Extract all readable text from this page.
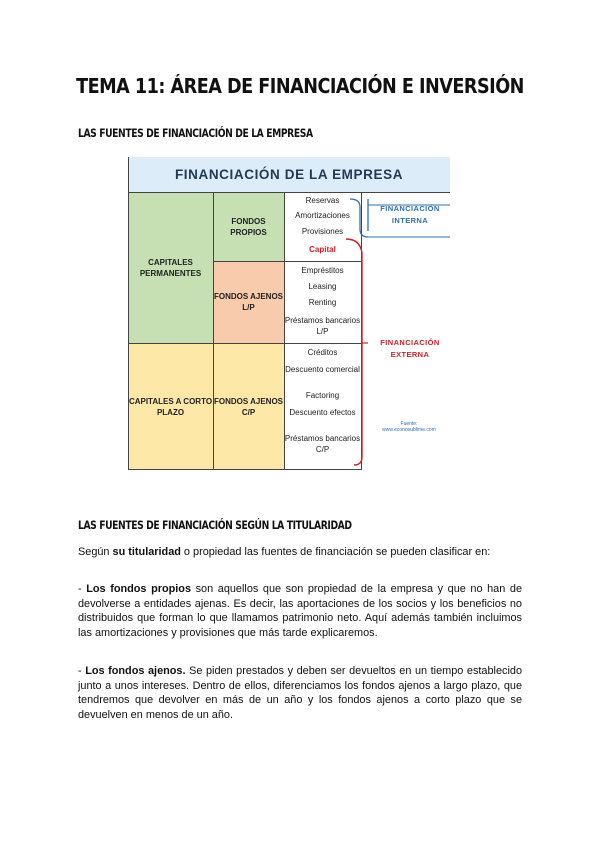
TEMA 11: ÁREA DE FINANCIACIÓN E INVERSIÓN
LAS FUENTES DE FINANCIACIÓN DE LA EMPRESA
FINANCIACIÓN DE LA EMPRESA
CAPITALES PERMANENTES
CAPITALES A CORTO PLAZO
FONDOS PROPIOS
FONDOS AJENOS L/P
FONDOS AJENOS C/P
Reservas
Amortizaciones
Provisiones
Capital
Empréstitos
Leasing
Renting
Préstamos bancarios L/P
Créditos
Descuento comercial
Factoring
Descuento efectos
Préstamos bancarios C/P
FINANCIACIÓN INTERNA
FINANCIACIÓN EXTERNA
Fuente:
www.econosublime.com
LAS FUENTES DE FINANCIACIÓN SEGÚN LA TITULARIDAD
Según su titularidad o propiedad las fuentes de financiación se pueden clasificar en:
- Los fondos propios son aquellos que son propiedad de la empresa y que no han de devolverse a entidades ajenas. Es decir, las aportaciones de los socios y los beneficios no distribuidos que forman lo que llamamos patrimonio neto. Aquí además también incluimos las amortizaciones y provisiones que más tarde explicaremos.
- Los fondos ajenos. Se piden prestados y deben ser devueltos en un tiempo establecido junto a unos intereses. Dentro de ellos, diferenciamos los fondos ajenos a largo plazo, que tendremos que devolver en más de un año y los fondos ajenos a corto plazo que se devuelven en menos de un año.
